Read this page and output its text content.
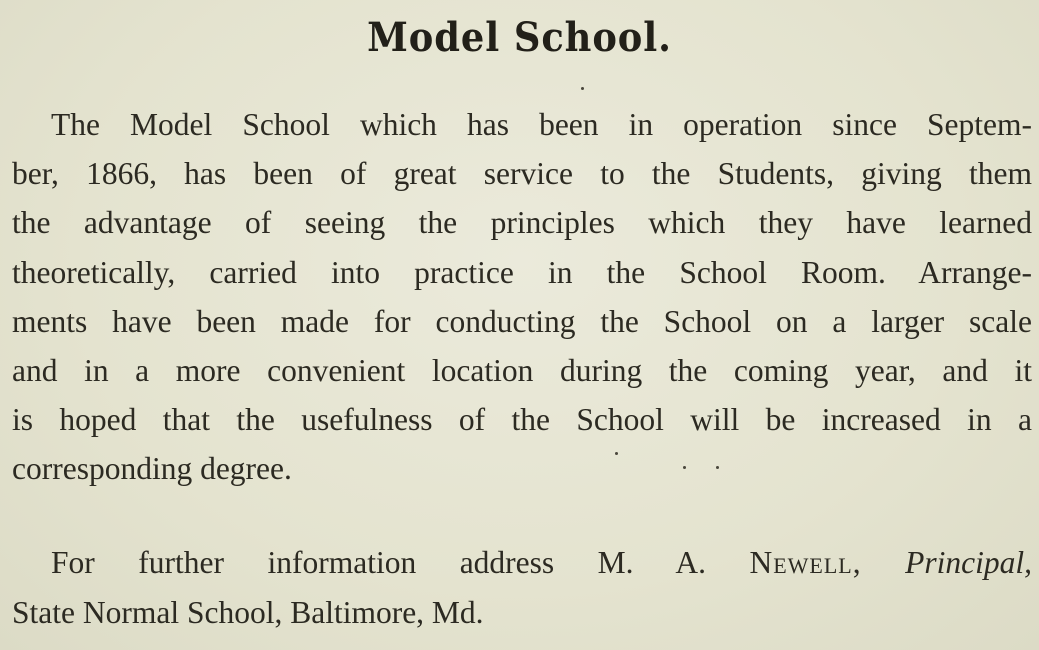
Model School.
The Model School which has been in operation since Septem-
ber, 1866, has been of great service to the Students, giving them
the advantage of seeing the principles which they have learned
theoretically, carried into practice in the School Room. Arrange-
ments have been made for conducting the School on a larger scale
and in a more convenient location during the coming year, and it
is hoped that the usefulness of the School will be increased in a
corresponding degree.
For further information address M. A. Newell, Principal,
State Normal School, Baltimore, Md.
